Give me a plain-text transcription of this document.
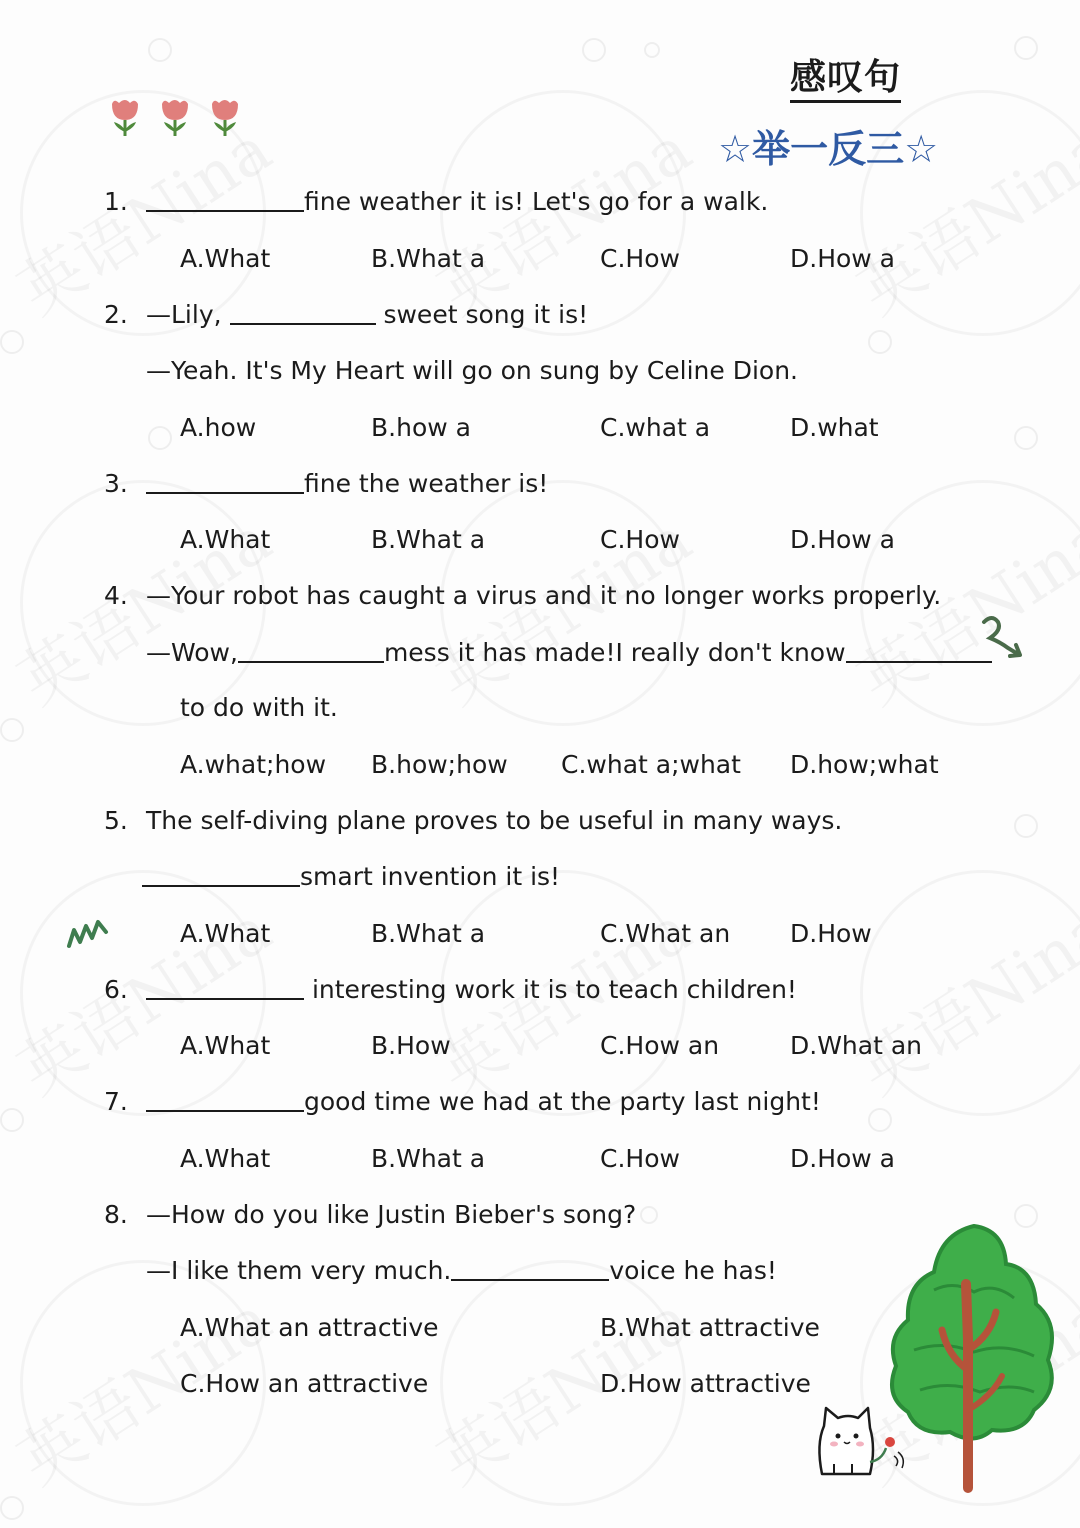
感叹句
☆举一反三☆
1.	fine weather it is! Let's go for a walk.
A.What	B.What a	C.How	D.How a
2. —Lily,	sweet song it is!
—Yeah. It's My Heart will go on sung by Celine Dion.
A.how	B.how a	C.what a	D.what
3.	fine the weather is!
A.What	B.What a	C.How	D.How a
4. —Your robot has caught a virus and it no longer works properly.
—Wow,	mess it has made!I really don't know
to do with it.
A.what;how B.how;how C.what a;what D.how;what
5. The self-diving plane proves to be useful in many ways.
smart invention it is!
A.What	B.What a	C.What an D.How
6.	interesting work it is to teach children!
A.What	B.How	C.How an	D.What an
7.	good time we had at the party last night!
A.What	B.What a	C.How	D.How a
8. —How do you like Justin Bieber's song?
—I like them very much.	voice he has!
A.What an attractive	B.What attractive
C.How an attractive	D.How attractive
